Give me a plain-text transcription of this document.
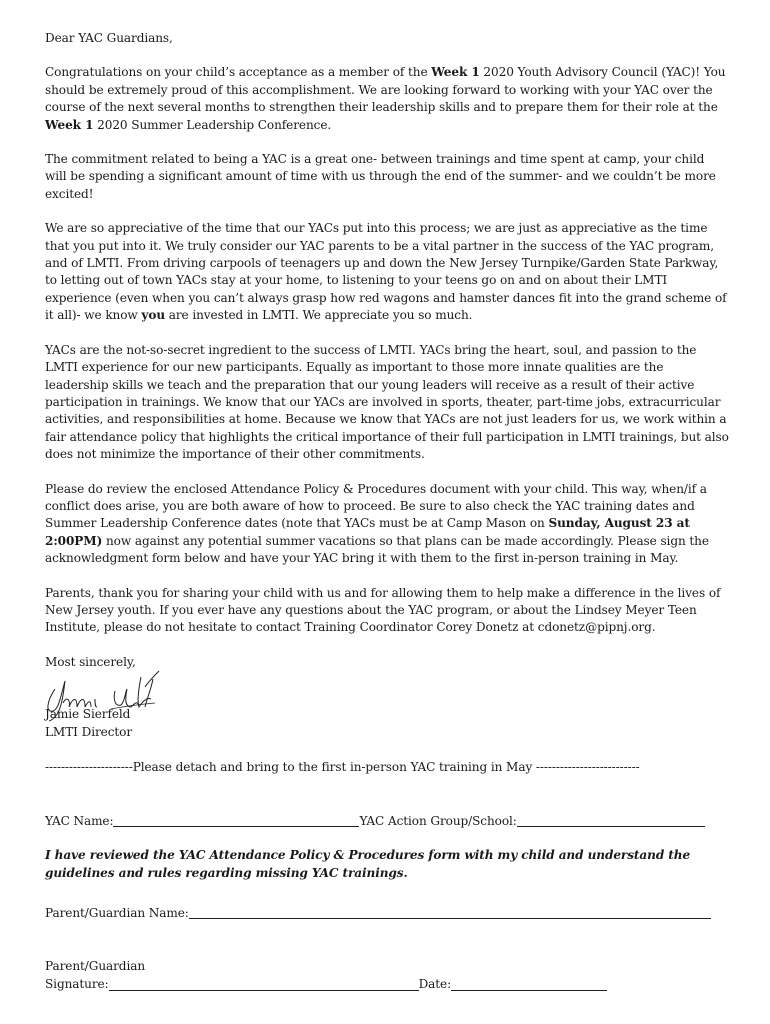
Dear YAC Guardians,

Congratulations on your child’s acceptance as a member of the Week 1 2020 Youth Advisory Council (YAC)! You should be extremely proud of this accomplishment. We are looking forward to working with your YAC over the course of the next several months to strengthen their leadership skills and to prepare them for their role at the Week 1 2020 Summer Leadership Conference.

The commitment related to being a YAC is a great one- between trainings and time spent at camp, your child will be spending a significant amount of time with us through the end of the summer- and we couldn’t be more excited!

We are so appreciative of the time that our YACs put into this process; we are just as appreciative as the time that you put into it. We truly consider our YAC parents to be a vital partner in the success of the YAC program, and of LMTI. From driving carpools of teenagers up and down the New Jersey Turnpike/Garden State Parkway, to letting out of town YACs stay at your home, to listening to your teens go on and on about their LMTI experience (even when you can’t always grasp how red wagons and hamster dances fit into the grand scheme of it all)- we know you are invested in LMTI. We appreciate you so much.

YACs are the not-so-secret ingredient to the success of LMTI. YACs bring the heart, soul, and passion to the LMTI experience for our new participants. Equally as important to those more innate qualities are the leadership skills we teach and the preparation that our young leaders will receive as a result of their active participation in trainings. We know that our YACs are involved in sports, theater, part-time jobs, extracurricular activities, and responsibilities at home. Because we know that YACs are not just leaders for us, we work within a fair attendance policy that highlights the critical importance of their full participation in LMTI trainings, but also does not minimize the importance of their other commitments.

Please do review the enclosed Attendance Policy & Procedures document with your child. This way, when/if a conflict does arise, you are both aware of how to proceed. Be sure to also check the YAC training dates and Summer Leadership Conference dates (note that YACs must be at Camp Mason on Sunday, August 23 at 2:00PM) now against any potential summer vacations so that plans can be made accordingly. Please sign the acknowledgment form below and have your YAC bring it with them to the first in-person training in May.

Parents, thank you for sharing your child with us and for allowing them to help make a difference in the lives of New Jersey youth. If you ever have any questions about the YAC program, or about the Lindsey Meyer Teen Institute, please do not hesitate to contact Training Coordinator Corey Donetz at cdonetz@pipnj.org.

Most sincerely,
Jamie Sierfeld
LMTI Director
----------------------Please detach and bring to the first in-person YAC training in May --------------------------
YAC Name:	YAC Action Group/School:

I have reviewed the YAC Attendance Policy & Procedures form with my child and understand the guidelines and rules regarding missing YAC trainings.

Parent/Guardian Name:
Parent/Guardian
Signature:	Date:
